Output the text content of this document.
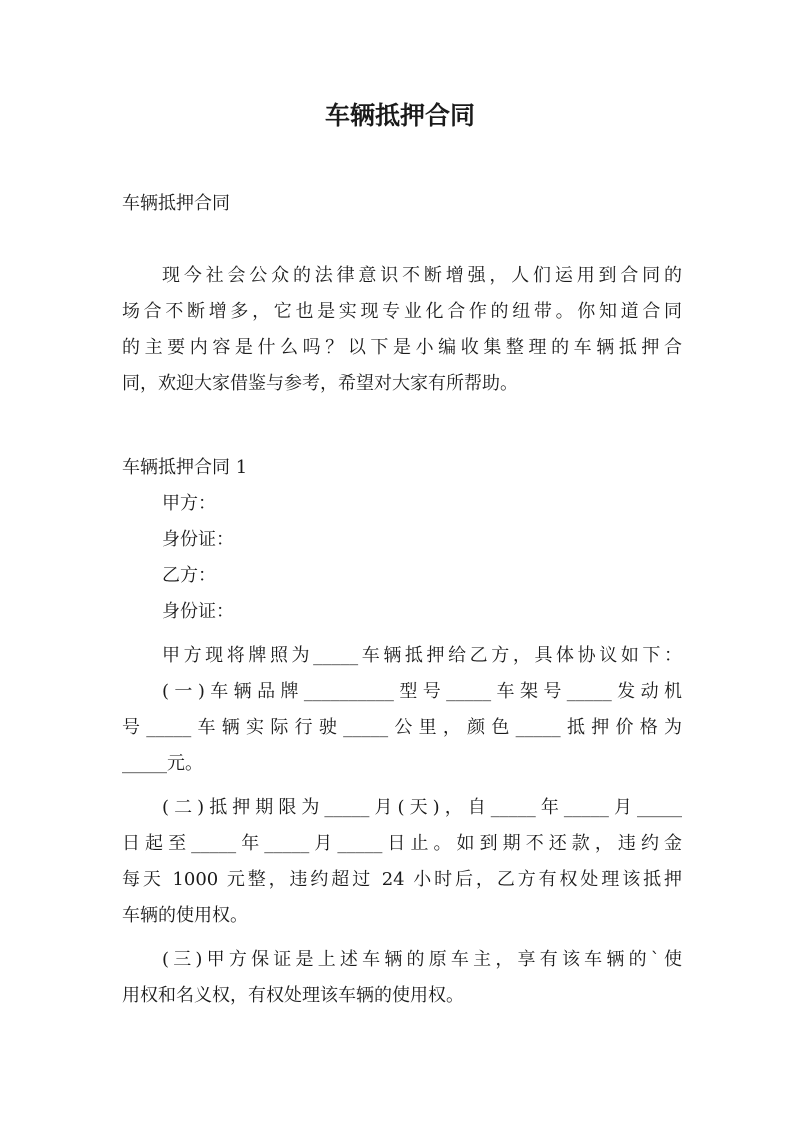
车辆抵押合同

车辆抵押合同

现今社会公众的法律意识不断增强，人们运用到合同的

场合不断增多，它也是实现专业化合作的纽带。你知道合同

的主要内容是什么吗？以下是小编收集整理的车辆抵押合

同，欢迎大家借鉴与参考，希望对大家有所帮助。

车辆抵押合同 1

甲方：

身份证：

乙方：

身份证：

甲方现将牌照为_____车辆抵押给乙方，具体协议如下：

(一)车辆品牌__________型号_____车架号_____发动机

号_____车辆实际行驶_____公里，颜色_____抵押价格为

_____元。

(二)抵押期限为_____月(天)，自_____年_____月_____

日起至_____年_____月_____日止。如到期不还款，违约金

每天 1000 元整，违约超过 24 小时后，乙方有权处理该抵押

车辆的使用权。

(三)甲方保证是上述车辆的原车主，享有该车辆的`使

用权和名义权，有权处理该车辆的使用权。
